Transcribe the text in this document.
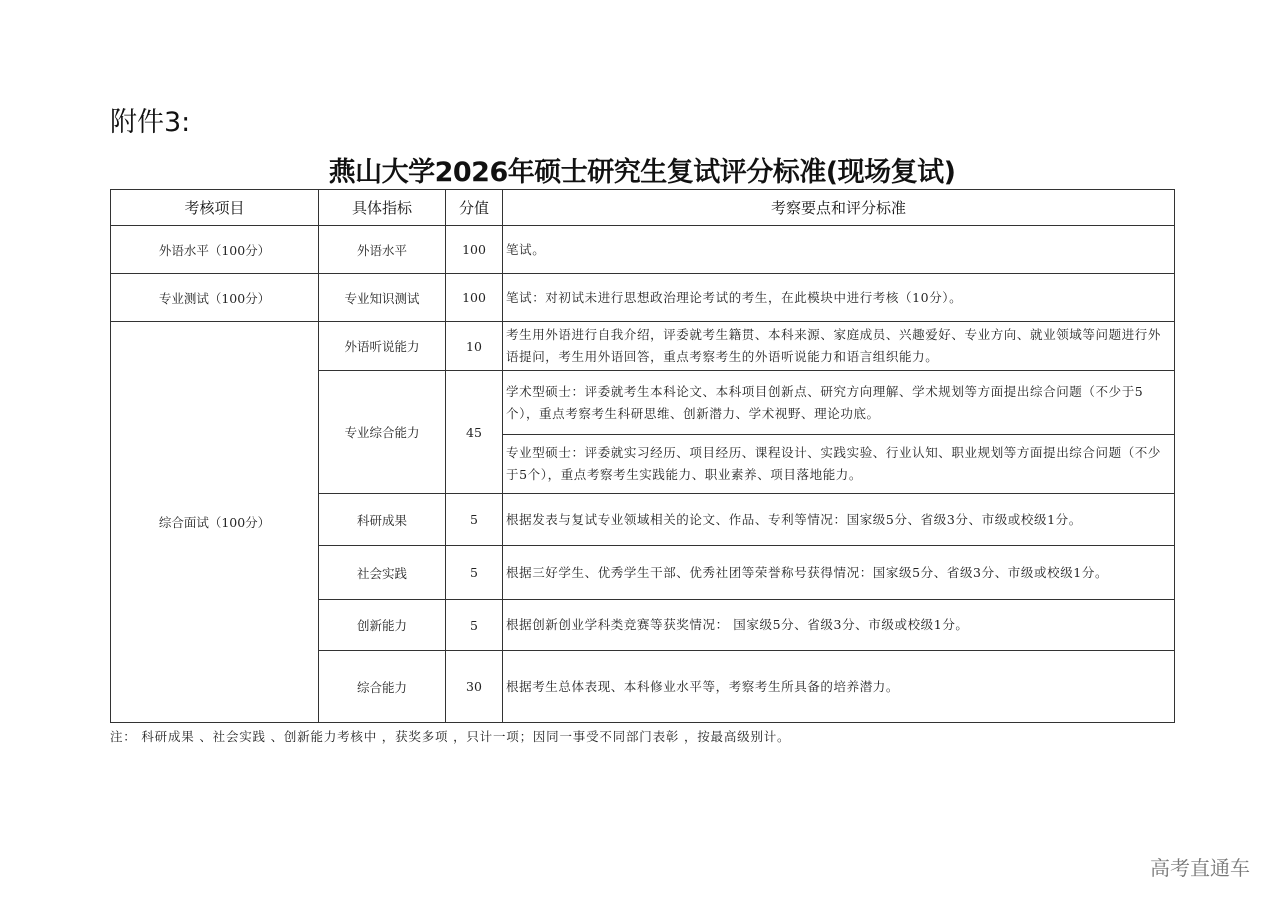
附件3:
燕山大学2026年硕士研究生复试评分标准(现场复试)
考核项目	具体指标	分值	考察要点和评分标准
外语水平（100分）	外语水平	100	笔试。
专业测试（100分）	专业知识测试	100	笔试：对初试未进行思想政治理论考试的考生，在此模块中进行考核（10分）。
综合面试（100分）	外语听说能力	10	考生用外语进行自我介绍，评委就考生籍贯、本科来源、家庭成员、兴趣爱好、专业方向、就业领域等问题进行外语提问，考生用外语回答，重点考察考生的外语听说能力和语言组织能力。
	专业综合能力	45	学术型硕士：评委就考生本科论文、本科项目创新点、研究方向理解、学术规划等方面提出综合问题（不少于5个），重点考察考生科研思维、创新潜力、学术视野、理论功底。
			专业型硕士：评委就实习经历、项目经历、课程设计、实践实验、行业认知、职业规划等方面提出综合问题（不少于5个），重点考察考生实践能力、职业素养、项目落地能力。
	科研成果	5	根据发表与复试专业领域相关的论文、作品、专利等情况：国家级5分、省级3分、市级或校级1分。
	社会实践	5	根据三好学生、优秀学生干部、优秀社团等荣誉称号获得情况：国家级5分、省级3分、市级或校级1分。
	创新能力	5	根据创新创业学科类竞赛等获奖情况： 国家级5分、省级3分、市级或校级1分。
	综合能力	30	根据考生总体表现、本科修业水平等，考察考生所具备的培养潜力。
注： 科研成果 、社会实践 、创新能力考核中 ，获奖多项 ，只计一项；因同一事受不同部门表彰 ，按最高级别计。
高考直通车
